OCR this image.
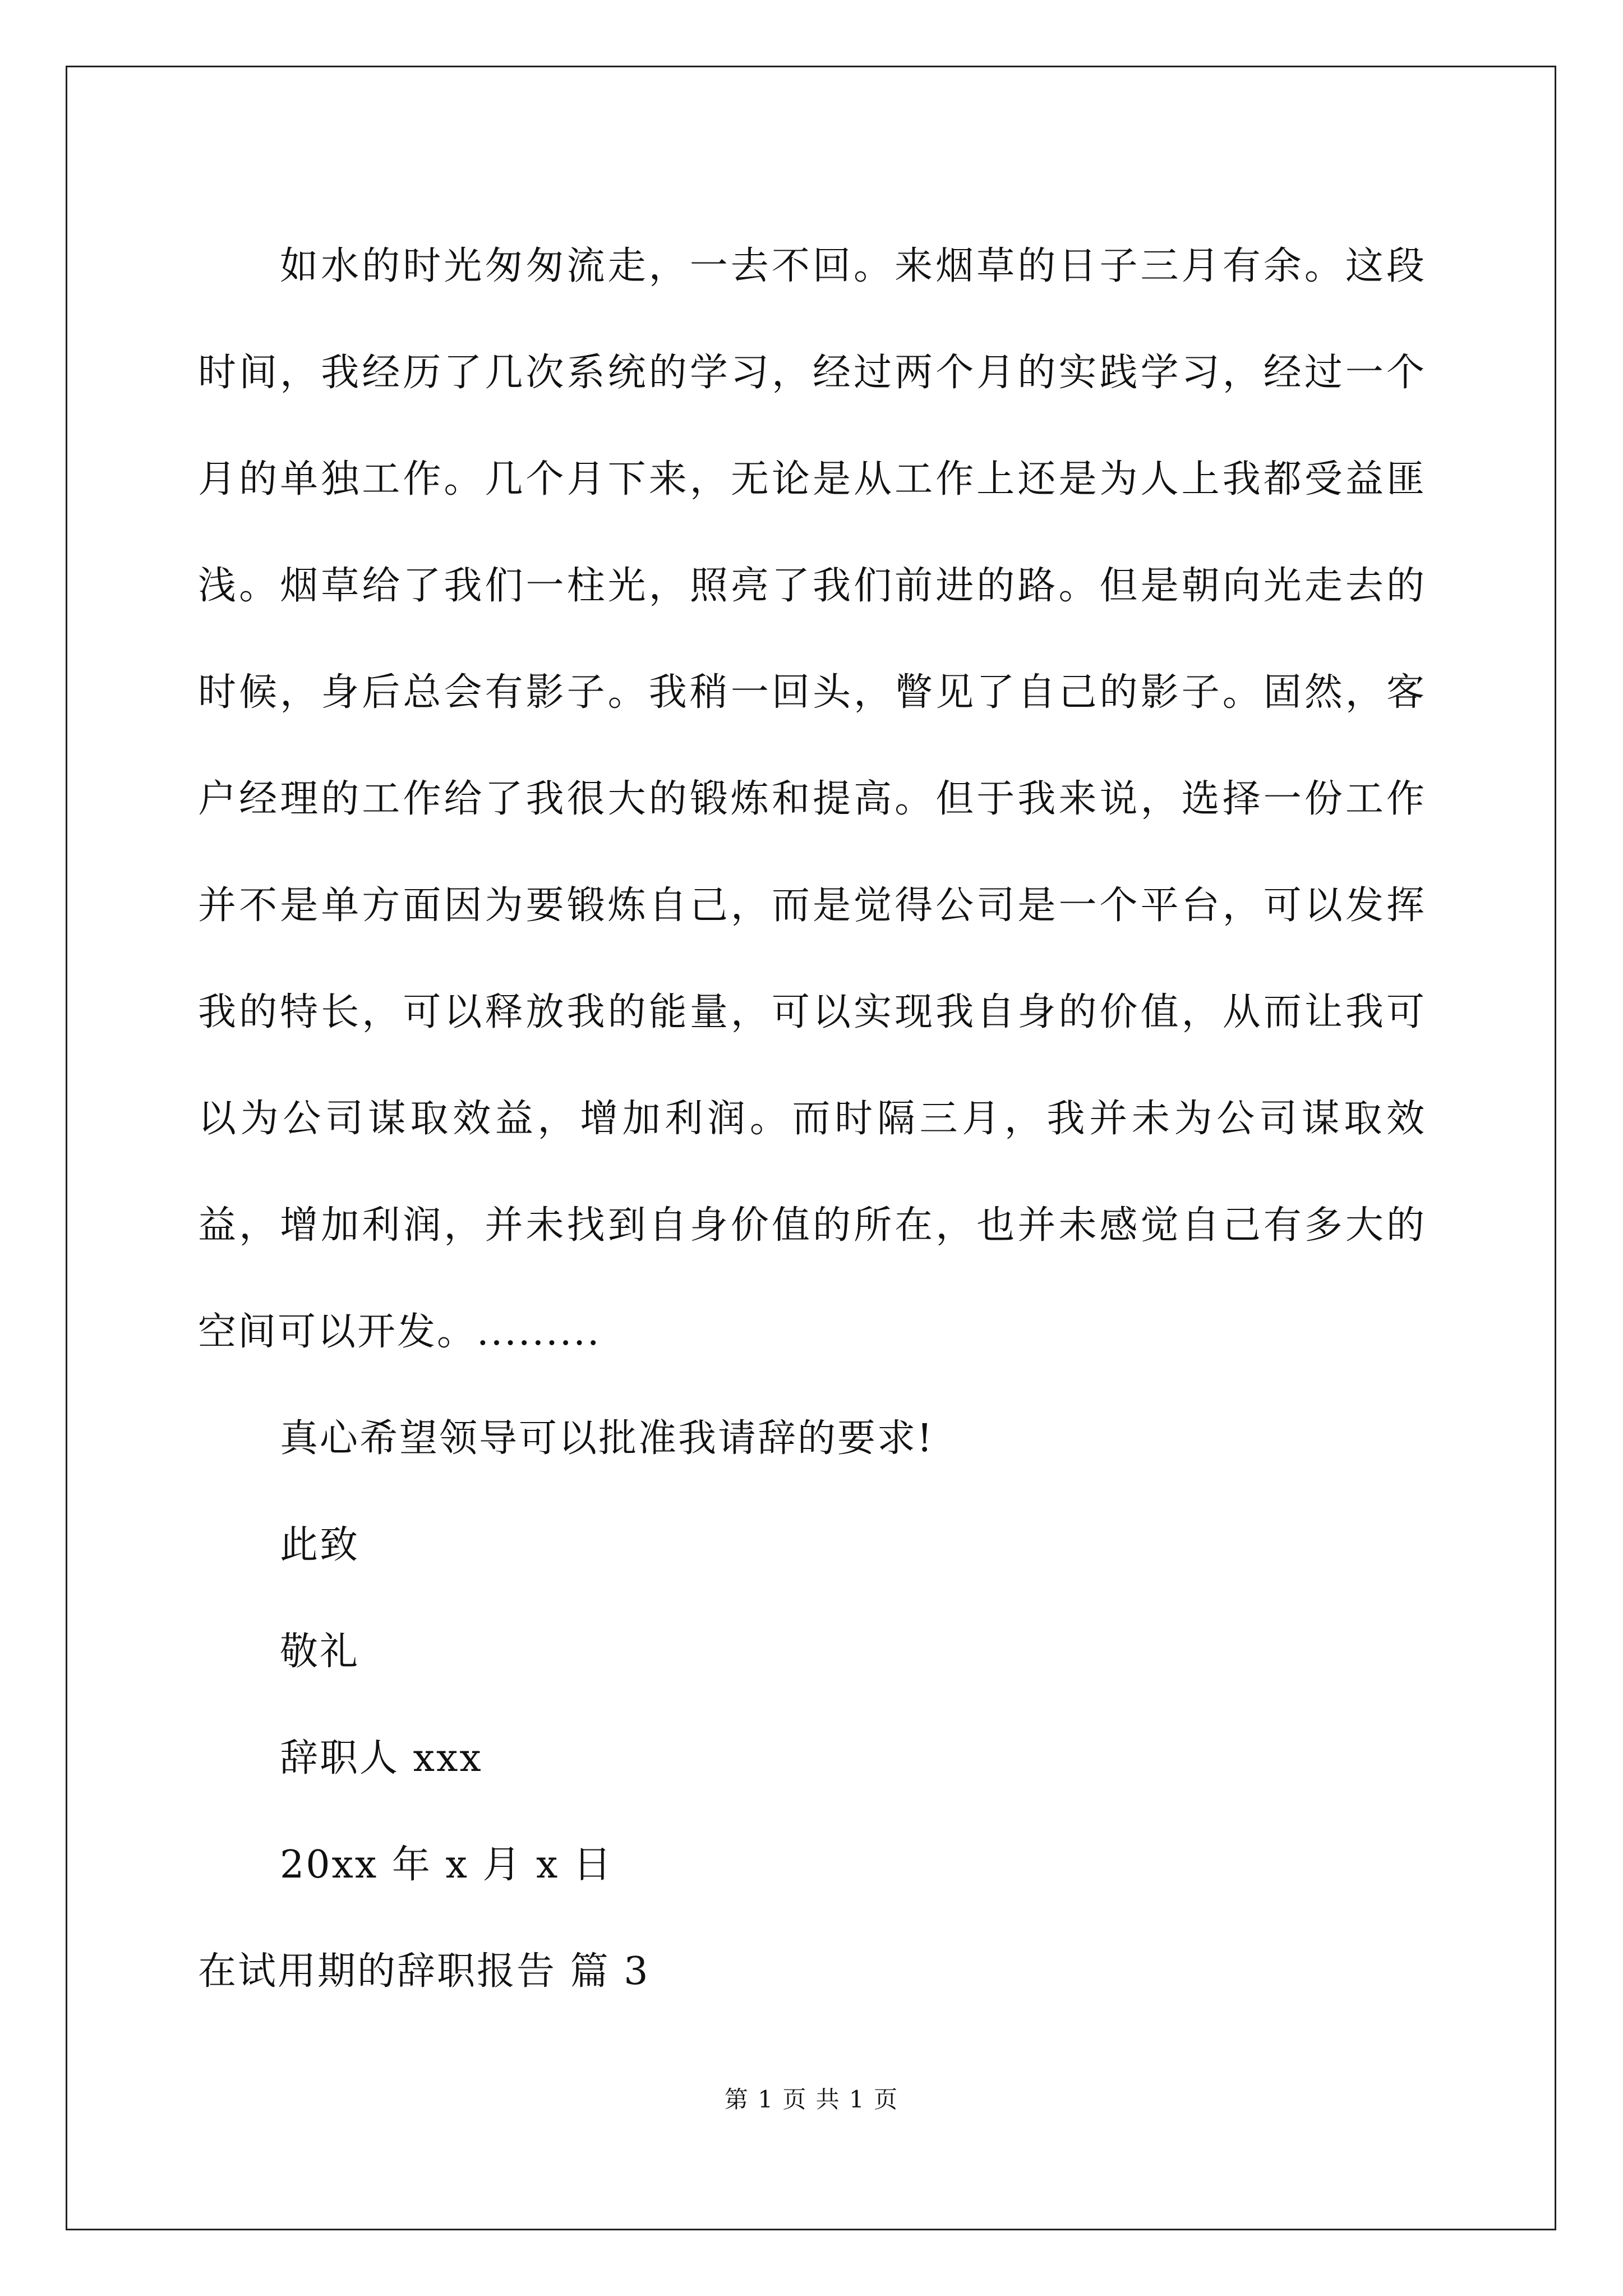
如水的时光匆匆流走，一去不回。来烟草的日子三月有余。这段时间，我经历了几次系统的学习，经过两个月的实践学习，经过一个月的单独工作。几个月下来，无论是从工作上还是为人上我都受益匪浅。烟草给了我们一柱光，照亮了我们前进的路。但是朝向光走去的时候，身后总会有影子。我稍一回头，瞥见了自己的影子。固然，客户经理的工作给了我很大的锻炼和提高。但于我来说，选择一份工作并不是单方面因为要锻炼自己，而是觉得公司是一个平台，可以发挥我的特长，可以释放我的能量，可以实现我自身的价值，从而让我可以为公司谋取效益，增加利润。而时隔三月，我并未为公司谋取效益，增加利润，并未找到自身价值的所在，也并未感觉自己有多大的空间可以开发。.........

真心希望领导可以批准我请辞的要求!

此致

敬礼

辞职人 xxx

20xx 年 x 月 x 日

在试用期的辞职报告 篇 3

第 1 页 共 1 页
